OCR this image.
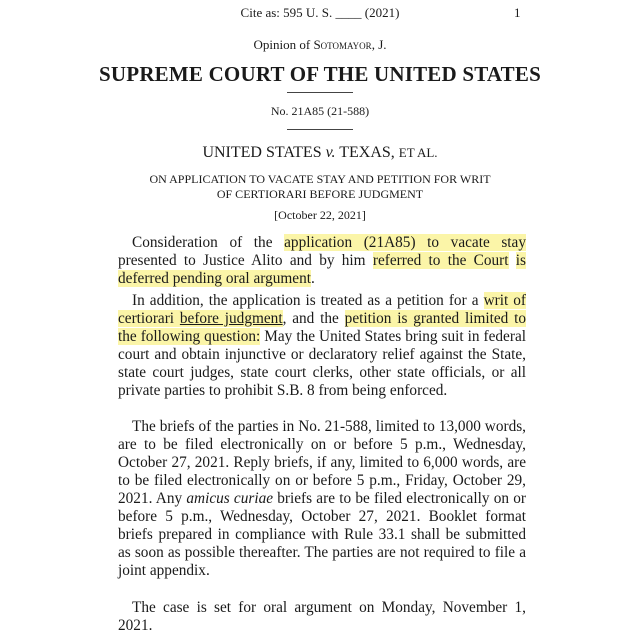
Cite as: 595 U. S. ____ (2021)	1
Opinion of Sotomayor, J.
SUPREME COURT OF THE UNITED STATES
No. 21A85 (21-588)
UNITED STATES v. TEXAS, ET AL.
ON APPLICATION TO VACATE STAY AND PETITION FOR WRIT
OF CERTIORARI BEFORE JUDGMENT
[October 22, 2021]
Consideration of the application (21A85) to vacate stay presented to Justice Alito and by him referred to the Court is deferred pending oral argument.
In addition, the application is treated as a petition for a writ of certiorari before judgment, and the petition is granted limited to the following question: May the United States bring suit in federal court and obtain injunctive or declaratory relief against the State, state court judges, state court clerks, other state officials, or all private parties to prohibit S.B. 8 from being enforced.
The briefs of the parties in No. 21-588, limited to 13,000 words, are to be filed electronically on or before 5 p.m., Wednesday, October 27, 2021. Reply briefs, if any, limited to 6,000 words, are to be filed electronically on or before 5 p.m., Friday, October 29, 2021. Any amicus curiae briefs are to be filed electronically on or before 5 p.m., Wednesday, October 27, 2021. Booklet format briefs prepared in compliance with Rule 33.1 shall be submitted as soon as possible thereafter. The parties are not required to file a joint appendix.
The case is set for oral argument on Monday, November 1, 2021.
